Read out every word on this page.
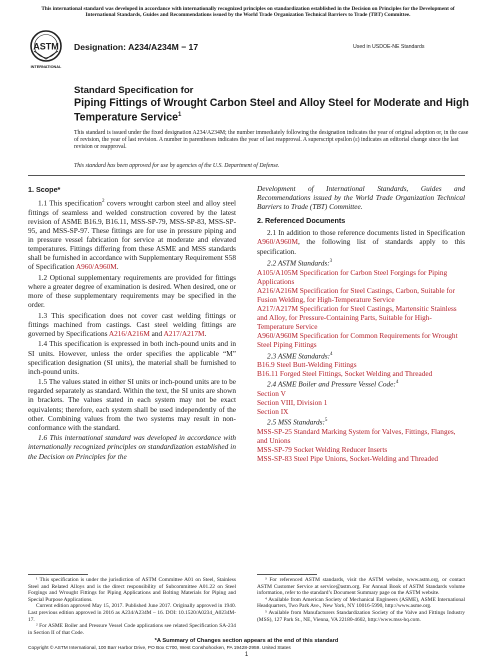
This international standard was developed in accordance with internationally recognized principles on standardization established in the Decision on Principles for the Development of International Standards, Guides and Recommendations issued by the World Trade Organization Technical Barriers to Trade (TBT) Committee.
ASTM
INTERNATIONAL
Designation: A234/A234M − 17	Used in USDOE-NE Standards
Standard Specification for
Piping Fittings of Wrought Carbon Steel and Alloy Steel for Moderate and High Temperature Service$^1$
This standard is issued under the fixed designation A234/A234M; the number immediately following the designation indicates the year of original adoption or, in the case of revision, the year of last revision. A number in parentheses indicates the year of last reapproval. A superscript epsilon (ε) indicates an editorial change since the last revision or reapproval.
This standard has been approved for use by agencies of the U.S. Department of Defense.
1. Scope*
1.1 This specification$^2$ covers wrought carbon steel and alloy steel fittings of seamless and welded construction covered by the latest revision of ASME B16.9, B16.11, MSS-SP-79, MSS-SP-83, MSS-SP-95, and MSS-SP-97. These fittings are for use in pressure piping and in pressure vessel fabrication for service at moderate and elevated temperatures. Fittings differing from these ASME and MSS standards shall be furnished in accordance with Supplementary Requirement S58 of Specification A960/A960M.
1.2 Optional supplementary requirements are provided for fittings where a greater degree of examination is desired. When desired, one or more of these supplementary requirements may be specified in the order.
1.3 This specification does not cover cast welding fittings or fittings machined from castings. Cast steel welding fittings are governed by Specifications A216/A216M and A217/A217M.
1.4 This specification is expressed in both inch-pound units and in SI units. However, unless the order specifies the applicable “M” specification designation (SI units), the material shall be furnished to inch-pound units.
1.5 The values stated in either SI units or inch-pound units are to be regarded separately as standard. Within the text, the SI units are shown in brackets. The values stated in each system may not be exact equivalents; therefore, each system shall be used independently of the other. Combining values from the two systems may result in non-conformance with the standard.
1.6 This international standard was developed in accordance with internationally recognized principles on standardization established in the Decision on Principles for the
¹ This specification is under the jurisdiction of ASTM Committee A01 on Steel, Stainless Steel and Related Alloys and is the direct responsibility of Subcommittee A01.22 on Steel Forgings and Wrought Fittings for Piping Applications and Bolting Materials for Piping and Special Purpose Applications.
Current edition approved May 15, 2017. Published June 2017. Originally approved in 1940. Last previous edition approved in 2016 as A234/A234M – 16. DOI: 10.1520/A0234_A0234M-17.
² For ASME Boiler and Pressure Vessel Code applications see related Specification SA-234 in Section II of that Code.
Development of International Standards, Guides and Recommendations issued by the World Trade Organization Technical Barriers to Trade (TBT) Committee.
2. Referenced Documents
2.1 In addition to those reference documents listed in Specification A960/A960M, the following list of standards apply to this specification.
2.2 ASTM Standards:$^3$
A105/A105M Specification for Carbon Steel Forgings for Piping Applications
A216/A216M Specification for Steel Castings, Carbon, Suitable for Fusion Welding, for High-Temperature Service
A217/A217M Specification for Steel Castings, Martensitic Stainless and Alloy, for Pressure-Containing Parts, Suitable for High-Temperature Service
A960/A960M Specification for Common Requirements for Wrought Steel Piping Fittings
2.3 ASME Standards:$^4$
B16.9 Steel Butt-Welding Fittings
B16.11 Forged Steel Fittings, Socket Welding and Threaded
2.4 ASME Boiler and Pressure Vessel Code:$^4$
Section V
Section VIII, Division 1
Section IX
2.5 MSS Standards:$^5$
MSS-SP-25 Standard Marking System for Valves, Fittings, Flanges, and Unions
MSS-SP-79 Socket Welding Reducer Inserts
MSS-SP-83 Steel Pipe Unions, Socket-Welding and Threaded
³ For referenced ASTM standards, visit the ASTM website, www.astm.org, or contact ASTM Customer Service at service@astm.org. For Annual Book of ASTM Standards volume information, refer to the standard’s Document Summary page on the ASTM website.
⁴ Available from American Society of Mechanical Engineers (ASME), ASME International Headquarters, Two Park Ave., New York, NY 10016-5990, http://www.asme.org.
⁵ Available from Manufacturers Standardization Society of the Valve and Fittings Industry (MSS), 127 Park St., NE, Vienna, VA 22180-4602, http://www.mss-hq.com.
*A Summary of Changes section appears at the end of this standard
Copyright © ASTM International, 100 Barr Harbor Drive, PO Box C700, West Conshohocken, PA 19428-2959. United States
1
